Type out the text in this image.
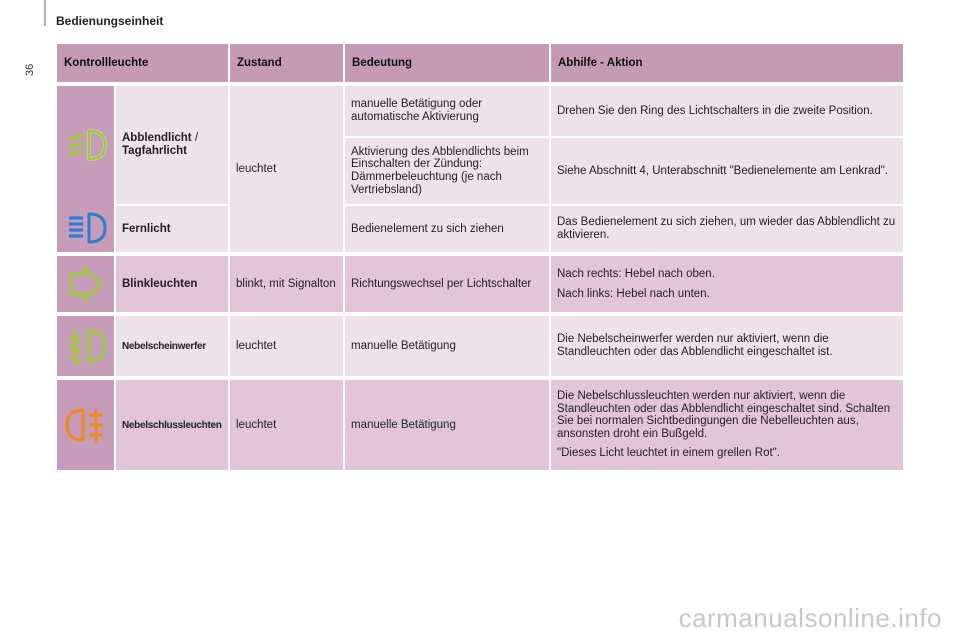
36
Bedienungseinheit
Kontrollleuchte		Zustand	Bedeutung	Abhilfe - Aktion

	Abblendlicht /
Tagfahrlicht	leuchtet	manuelle Betätigung oder automatische Aktivierung	Drehen Sie den Ring des Lichtschalters in die zweite Position.
			Aktivierung des Abblendlichts beim Einschalten der Zündung: Dämmerbeleuchtung (je nach Vertriebsland)	Siehe Abschnitt 4, Unterabschnitt "Bedienelemente am Lenkrad".

	Fernlicht		Bedienelement zu sich ziehen	Das Bedienelement zu sich ziehen, um wieder das Abblendlicht zu aktivieren.

	Blinkleuchten	blinkt, mit Signalton	Richtungswechsel per Lichtschalter	Nach rechts: Hebel nach oben.

Nach links: Hebel nach unten.

	Nebelscheinwerfer	leuchtet	manuelle Betätigung	Die Nebelscheinwerfer werden nur aktiviert, wenn die Standleuchten oder das Abblendlicht eingeschaltet ist.

	Nebelschlussleuchten	leuchtet	manuelle Betätigung	Die Nebelschlussleuchten werden nur aktiviert, wenn die Standleuchten oder das Abblendlicht eingeschaltet sind. Schalten Sie bei normalen Sichtbedingungen die Nebelleuchten aus, ansonsten droht ein Bußgeld.

"Dieses Licht leuchtet in einem grellen Rot".

carmanualsonline.info
